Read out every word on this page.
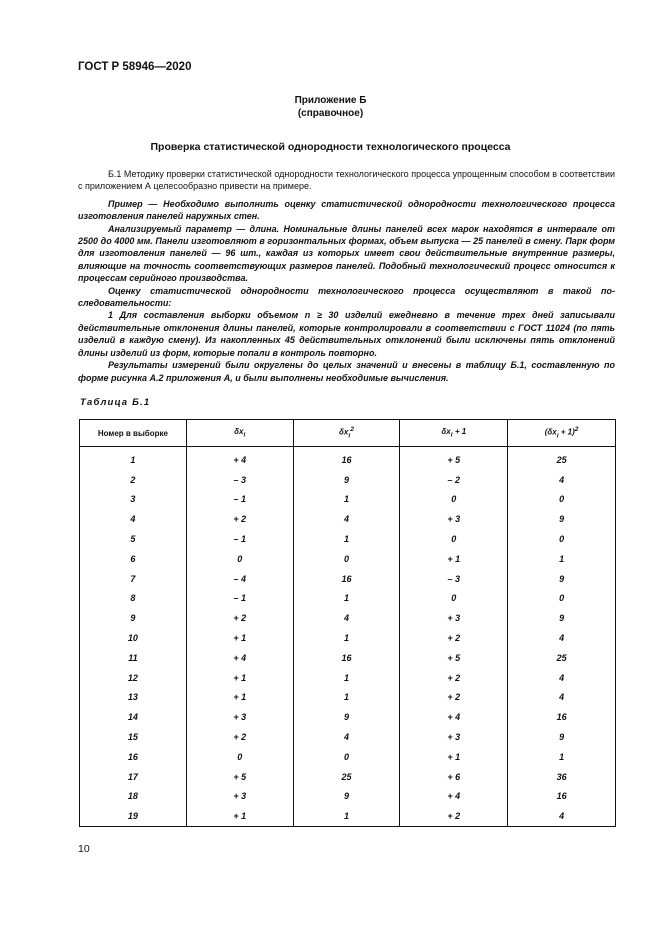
ГОСТ Р 58946—2020
Приложение Б
(справочное)
Проверка статистической однородности технологического процесса

Б.1 Методику проверки статистической однородности технологического процесса упрощенным способом в соответствии с приложением А целесообразно привести на примере.

Пример — Необходимо выполнить оценку статистической однородности технологического процесса изготовления панелей наружных стен.

Анализируемый параметр — длина. Номинальные длины панелей всех марок находятся в интервале от 2500 до 4000 мм. Панели изготовляют в горизонтальных формах, объем выпуска — 25 панелей в смену. Парк форм для изготовления панелей — 96 шт., каждая из которых имеет свои действительные внутренние размеры, влияющие на точность соответствующих размеров панелей. Подобный технологический процесс относится к процессам серийного производства.

Оценку статистической однородности технологического процесса осуществляют в такой последовательности:

1 Для составления выборки объемом n ≥ 30 изделий ежедневно в течение трех дней записывали действительные отклонения длины панелей, которые контролировали в соответствии с ГОСТ 11024 (по пять изделий в каждую смену). Из накопленных 45 действительных отклонений были исключены пять отклонений длины изделий из форм, которые попали в контроль повторно.

Результаты измерений были округлены до целых значений и внесены в таблицу Б.1, составленную по форме рисунка А.2 приложения А, и были выполнены необходимые вычисления.

Таблица Б.1
Номер в выборке	$\delta x_i$	$\delta x_i^2$	$\delta x_i + 1$	$(\delta x_i + 1)^2$
1	+ 4	16	+ 5	25
2	– 3	9	– 2	4
3	– 1	1	0	0
4	+ 2	4	+ 3	9
5	– 1	1	0	0
6	0	0	+ 1	1
7	– 4	16	– 3	9
8	– 1	1	0	0
9	+ 2	4	+ 3	9
10	+ 1	1	+ 2	4
11	+ 4	16	+ 5	25
12	+ 1	1	+ 2	4
13	+ 1	1	+ 2	4
14	+ 3	9	+ 4	16
15	+ 2	4	+ 3	9
16	0	0	+ 1	1
17	+ 5	25	+ 6	36
18	+ 3	9	+ 4	16
19	+ 1	1	+ 2	4
10
